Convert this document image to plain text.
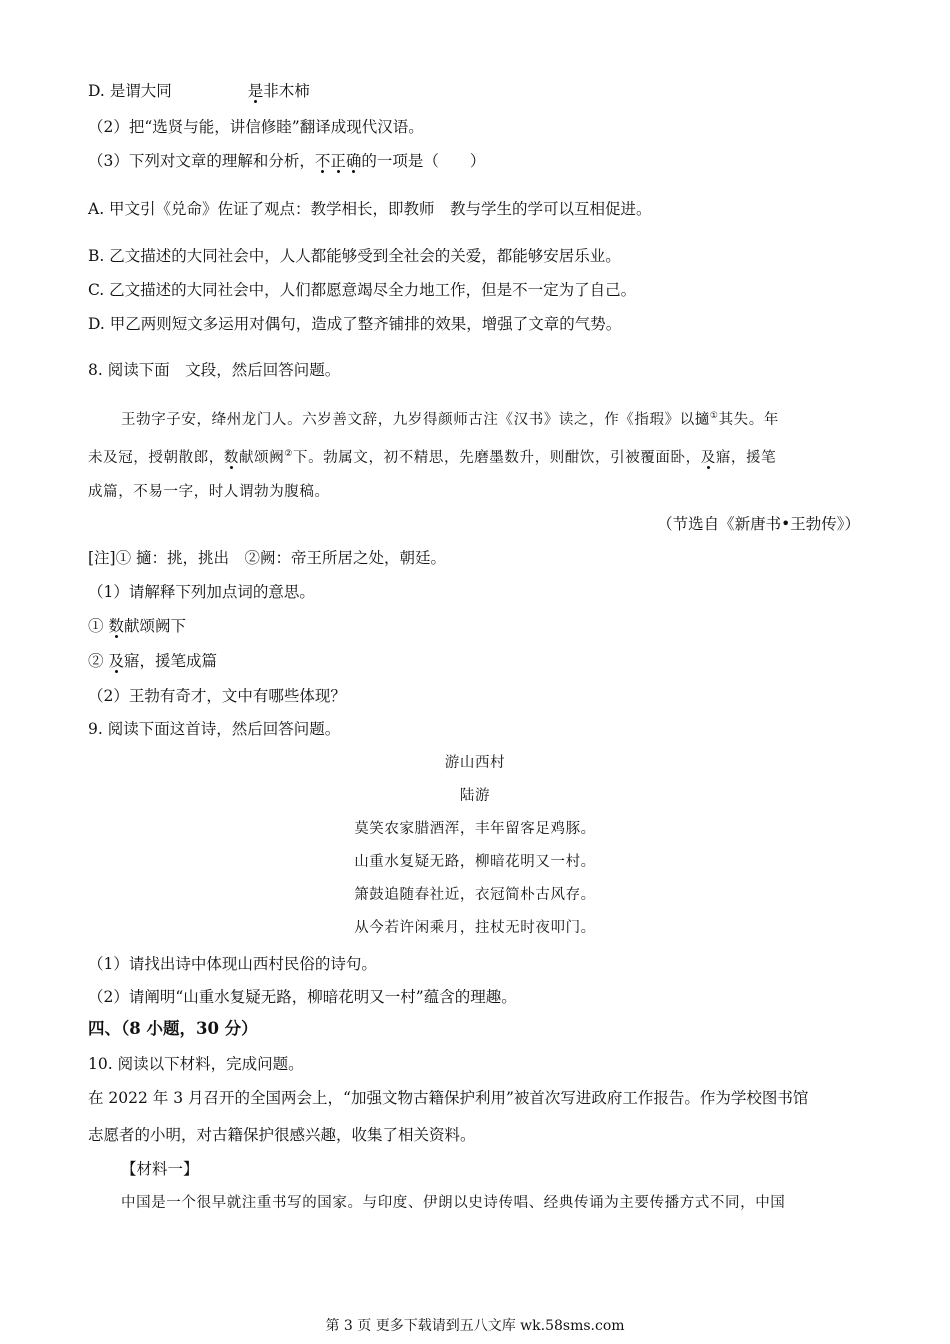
D. 是谓大同	是非木柿
（2）把“选贤与能，讲信修睦”翻译成现代汉语。
（3）下列对文章的理解和分析，不正确的一项是（　　）
A. 甲文引《兑命》佐证了观点：教学相长，即教师　教与学生的学可以互相促进。
B. 乙文描述的大同社会中，人人都能够受到全社会的关爱，都能够安居乐业。
C. 乙文描述的大同社会中，人们都愿意竭尽全力地工作，但是不一定为了自己。
D. 甲乙两则短文多运用对偶句，造成了整齐铺排的效果，增强了文章的气势。
8. 阅读下面　文段，然后回答问题。
王勃字子安，绛州龙门人。六岁善文辞，九岁得颜师古注《汉书》读之，作《指瑕》以擿①其失。年
未及冠，授朝散郎，数献颂阙②下。勃属文，初不精思，先磨墨数升，则酣饮，引被覆面卧，及寤，援笔
成篇，不易一字，时人谓勃为腹稿。
（节选自《新唐书•王勃传》）
[注]① 擿：挑，挑出　②阙：帝王所居之处，朝廷。
（1）请解释下列加点词的意思。
① 数献颂阙下
② 及寤，援笔成篇
（2）王勃有奇才，文中有哪些体现？
9. 阅读下面这首诗，然后回答问题。
游山西村
陆游
莫笑农家腊酒浑，丰年留客足鸡豚。
山重水复疑无路，柳暗花明又一村。
箫鼓追随春社近，衣冠简朴古风存。
从今若许闲乘月，拄杖无时夜叩门。
（1）请找出诗中体现山西村民俗的诗句。
（2）请阐明“山重水复疑无路，柳暗花明又一村”蕴含的理趣。
四、（8 小题，30 分）
10. 阅读以下材料，完成问题。
在 2022 年 3 月召开的全国两会上，“加强文物古籍保护利用”被首次写进政府工作报告。作为学校图书馆
志愿者的小明，对古籍保护很感兴趣，收集了相关资料。
【材料一】
中国是一个很早就注重书写的国家。与印度、伊朗以史诗传唱、经典传诵为主要传播方式不同，中国
第 3 页 更多下载请到五八文库 wk.58sms.com
